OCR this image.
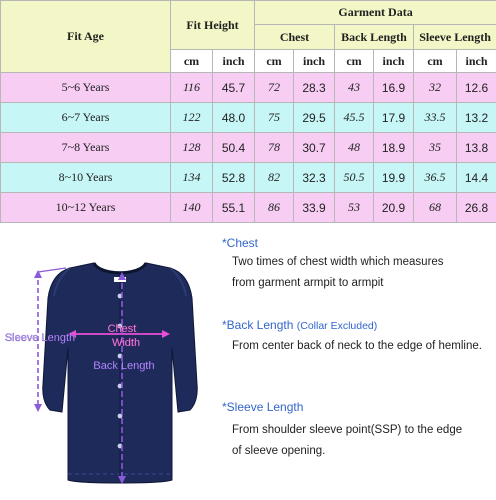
Fit Age	Fit Height		Garment Data					
			Chest		Back Length		Sleeve Length	
	cm	inch	cm	inch	cm	inch	cm	inch
5~6 Years	116	45.7	72	28.3	43	16.9	32	12.6
6~7 Years	122	48.0	75	29.5	45.5	17.9	33.5	13.2
7~8 Years	128	50.4	78	30.7	48	18.9	35	13.8
8~10 Years	134	52.8	82	32.3	50.5	19.9	36.5	14.4
10~12 Years	140	55.1	86	33.9	53	20.9	68	26.8
Chest
Width
Back Length
Sleeve Length
*Chest
Two times of chest width which measures
from garment armpit to armpit
*Back Length (Collar Excluded)
From center back of neck to the edge of hemline.
*Sleeve Length
From shoulder sleeve point(SSP) to the edge
of sleeve opening.
